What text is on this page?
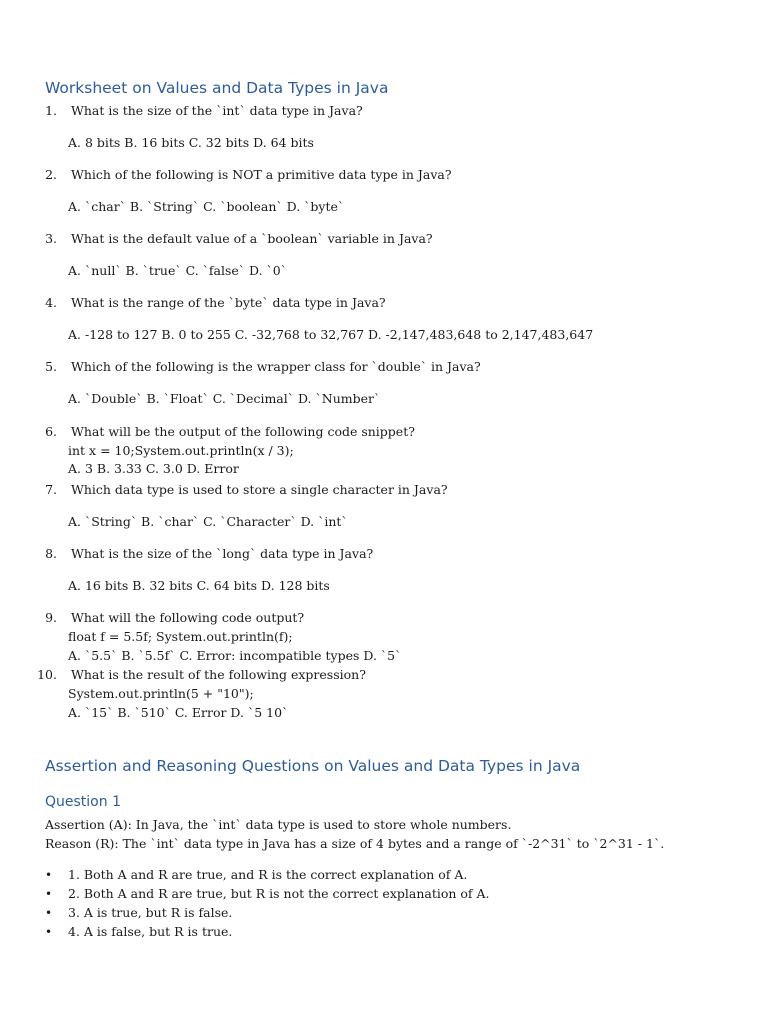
Worksheet on Values and Data Types in Java
1. What is the size of the `int` data type in Java?
A. 8 bits B. 16 bits C. 32 bits D. 64 bits
2. Which of the following is NOT a primitive data type in Java?
A. `char` B. `String` C. `boolean` D. `byte`
3. What is the default value of a `boolean` variable in Java?
A. `null` B. `true` C. `false` D. `0`
4. What is the range of the `byte` data type in Java?
A. -128 to 127 B. 0 to 255 C. -32,768 to 32,767 D. -2,147,483,648 to 2,147,483,647
5. Which of the following is the wrapper class for `double` in Java?
A. `Double` B. `Float` C. `Decimal` D. `Number`
6. What will be the output of the following code snippet?
int x = 10;System.out.println(x / 3);
A. 3 B. 3.33 C. 3.0 D. Error
7. Which data type is used to store a single character in Java?
A. `String` B. `char` C. `Character` D. `int`
8. What is the size of the `long` data type in Java?
A. 16 bits B. 32 bits C. 64 bits D. 128 bits
9. What will the following code output?
float f = 5.5f; System.out.println(f);
A. `5.5` B. `5.5f` C. Error: incompatible types D. `5`
10. What is the result of the following expression?
System.out.println(5 + "10");
A. `15` B. `510` C. Error D. `5 10`
Assertion and Reasoning Questions on Values and Data Types in Java
Question 1
Assertion (A): In Java, the `int` data type is used to store whole numbers.
Reason (R): The `int` data type in Java has a size of 4 bytes and a range of `-2^31` to `2^31 - 1`.
• 1. Both A and R are true, and R is the correct explanation of A.
• 2. Both A and R are true, but R is not the correct explanation of A.
• 3. A is true, but R is false.
• 4. A is false, but R is true.
